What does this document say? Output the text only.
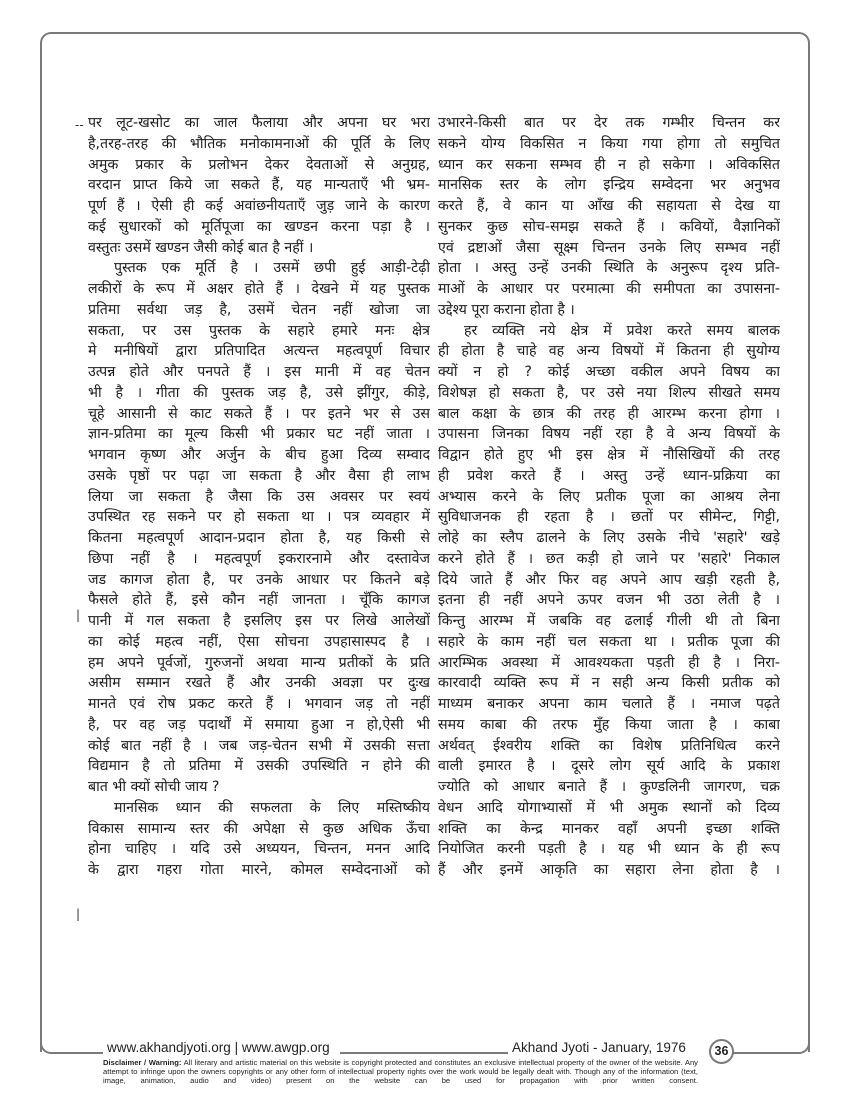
--
|
|
पर लूट-खसोट का जाल फैलाया और अपना घर भरा
है,तरह-तरह की भौतिक मनोकामनाओं की पूर्ति के लिए
अमुक प्रकार के प्रलोभन देकर देवताओं से अनुग्रह,
वरदान प्राप्त किये जा सकते हैं, यह मान्यताएँ भी भ्रम-
पूर्ण हैं । ऐसी ही कई अवांछनीयताएँ जुड़ जाने के कारण
कई सुधारकों को मूर्तिपूजा का खण्डन करना पड़ा है ।
वस्तुतः उसमें खण्डन जैसी कोई बात है नहीं ।
पुस्तक एक मूर्ति है । उसमें छपी हुई आड़ी-टेढ़ी
लकीरों के रूप में अक्षर होते हैं । देखने में यह पुस्तक
प्रतिमा सर्वथा जड़ है, उसमें चेतन नहीं खोजा जा
सकता, पर उस पुस्तक के सहारे हमारे मनः क्षेत्र
मे मनीषियों द्वारा प्रतिपादित अत्यन्त महत्वपूर्ण विचार
उत्पन्न होते और पनपते हैं । इस मानी में वह चेतन
भी है । गीता की पुस्तक जड़ है, उसे झींगुर, कीड़े,
चूहे आसानी से काट सकते हैं । पर इतने भर से उस
ज्ञान-प्रतिमा का मूल्य किसी भी प्रकार घट नहीं जाता ।
भगवान कृष्ण और अर्जुन के बीच हुआ दिव्य सम्वाद
उसके पृष्ठों पर पढ़ा जा सकता है और वैसा ही लाभ
लिया जा सकता है जैसा कि उस अवसर पर स्वयं
उपस्थित रह सकने पर हो सकता था । पत्र व्यवहार में
कितना महत्वपूर्ण आदान-प्रदान होता है, यह किसी से
छिपा नहीं है । महत्वपूर्ण इकरारनामे और दस्तावेज
जड कागज होता है, पर उनके आधार पर कितने बड़े
फैसले होते हैं, इसे कौन नहीं जानता । चूँकि कागज
पानी में गल सकता है इसलिए इस पर लिखे आलेखों
का कोई महत्व नहीं, ऐसा सोचना उपहासास्पद है ।
हम अपने पूर्वजों, गुरुजनों अथवा मान्य प्रतीकों के प्रति
असीम सम्मान रखते हैं और उनकी अवज्ञा पर दुःख
मानते एवं रोष प्रकट करते हैं । भगवान जड़ तो नहीं
है, पर वह जड़ पदार्थों में समाया हुआ न हो,ऐसी भी
कोई बात नहीं है । जब जड़-चेतन सभी में उसकी सत्ता
विद्यमान है तो प्रतिमा में उसकी उपस्थिति न होने की
बात भी क्यों सोची जाय ?
मानसिक ध्यान की सफलता के लिए मस्तिष्कीय
विकास सामान्य स्तर की अपेक्षा से कुछ अधिक ऊँचा
होना चाहिए । यदि उसे अध्ययन, चिन्तन, मनन आदि
के द्वारा गहरा गोता मारने, कोमल सम्वेदनाओं को
उभारने-किसी बात पर देर तक गम्भीर चिन्तन कर
सकने योग्य विकसित न किया गया होगा तो समुचित
ध्यान कर सकना सम्भव ही न हो सकेगा । अविकसित
मानसिक स्तर के लोग इन्द्रिय सम्वेदना भर अनुभव
करते हैं, वे कान या आँख की सहायता से देख या
सुनकर कुछ सोच-समझ सकते हैं । कवियों, वैज्ञानिकों
एवं द्रष्टाओं जैसा सूक्ष्म चिन्तन उनके लिए सम्भव नहीं
होता । अस्तु उन्हें उनकी स्थिति के अनुरूप दृश्य प्रति-
माओं के आधार पर परमात्मा की समीपता का उपासना-
उद्देश्य पूरा कराना होता है ।
हर व्यक्ति नये क्षेत्र में प्रवेश करते समय बालक
ही होता है चाहे वह अन्य विषयों में कितना ही सुयोग्य
क्यों न हो ? कोई अच्छा वकील अपने विषय का
विशेषज्ञ हो सकता है, पर उसे नया शिल्प सीखते समय
बाल कक्षा के छात्र की तरह ही आरम्भ करना होगा ।
उपासना जिनका विषय नहीं रहा है वे अन्य विषयों के
विद्वान होते हुए भी इस क्षेत्र में नौसिखियों की तरह
ही प्रवेश करते हैं । अस्तु उन्हें ध्यान-प्रक्रिया का
अभ्यास करने के लिए प्रतीक पूजा का आश्रय लेना
सुविधाजनक ही रहता है । छतों पर सीमेन्ट, गिट्टी,
लोहे का स्लैप ढालने के लिए उसके नीचे 'सहारे' खड़े
करने होते हैं । छत कड़ी हो जाने पर 'सहारे' निकाल
दिये जाते हैं और फिर वह अपने आप खड़ी रहती है,
इतना ही नहीं अपने ऊपर वजन भी उठा लेती है ।
किन्तु आरम्भ में जबकि वह ढलाई गीली थी तो बिना
सहारे के काम नहीं चल सकता था । प्रतीक पूजा की
आरम्भिक अवस्था में आवश्यकता पड़ती ही है । निरा-
कारवादी व्यक्ति रूप में न सही अन्य किसी प्रतीक को
माध्यम बनाकर अपना काम चलाते हैं । नमाज पढ़ते
समय काबा की तरफ मुँह किया जाता है । काबा
अर्थवत् ईश्वरीय शक्ति का विशेष प्रतिनिधित्व करने
वाली इमारत है । दूसरे लोग सूर्य आदि के प्रकाश
ज्योति को आधार बनाते हैं । कुण्डलिनी जागरण, चक्र
वेधन आदि योगाभ्यासों में भी अमुक स्थानों को दिव्य
शक्ति का केन्द्र मानकर वहाँ अपनी इच्छा शक्ति
नियोजित करनी पड़ती है । यह भी ध्यान के ही रूप
हैं और इनमें आकृति का सहारा लेना होता है ।
www.akhandjyoti.org | www.awgp.org	Akhand Jyoti - January, 1976	36
Disclaimer / Warning: All literary and artistic material on this website is copyright protected and constitutes an exclusive intellectual property of the owner of the website. Any attempt to infringe upon the owners copyrights or any other form of intellectual property rights over the work would be legally dealt with. Though any of the information (text, image, animation, audio and video) present on the website can be used for propagation with prior written consent.
